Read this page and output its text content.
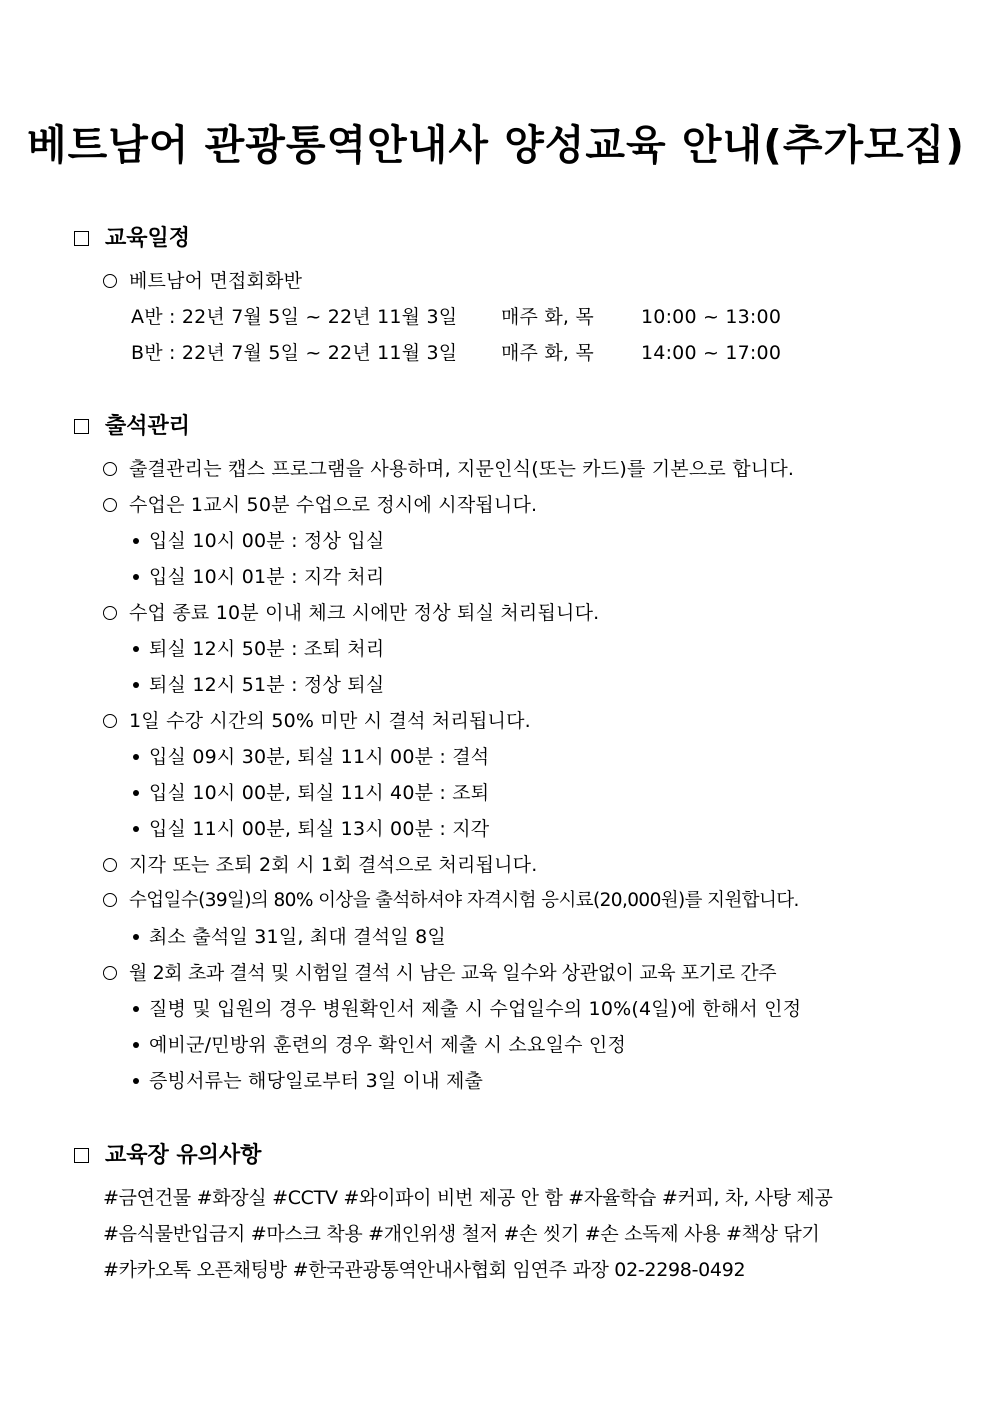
베트남어 관광통역안내사 양성교육 안내(추가모집)
교육일정
베트남어 면접회화반
A반 : 22년 7월 5일 ~ 22년 11월 3일 매주 화, 목 10:00 ~ 13:00
B반 : 22년 7월 5일 ~ 22년 11월 3일 매주 화, 목 14:00 ~ 17:00
출석관리
출결관리는 캡스 프로그램을 사용하며, 지문인식(또는 카드)를 기본으로 합니다.
수업은 1교시 50분 수업으로 정시에 시작됩니다.
입실 10시 00분 : 정상 입실
입실 10시 01분 : 지각 처리
수업 종료 10분 이내 체크 시에만 정상 퇴실 처리됩니다.
퇴실 12시 50분 : 조퇴 처리
퇴실 12시 51분 : 정상 퇴실
1일 수강 시간의 50% 미만 시 결석 처리됩니다.
입실 09시 30분, 퇴실 11시 00분 : 결석
입실 10시 00분, 퇴실 11시 40분 : 조퇴
입실 11시 00분, 퇴실 13시 00분 : 지각
지각 또는 조퇴 2회 시 1회 결석으로 처리됩니다.
수업일수(39일)의 80% 이상을 출석하셔야 자격시험 응시료(20,000원)를 지원합니다.
최소 출석일 31일, 최대 결석일 8일
월 2회 초과 결석 및 시험일 결석 시 남은 교육 일수와 상관없이 교육 포기로 간주
질병 및 입원의 경우 병원확인서 제출 시 수업일수의 10%(4일)에 한해서 인정
예비군/민방위 훈련의 경우 확인서 제출 시 소요일수 인정
증빙서류는 해당일로부터 3일 이내 제출
교육장 유의사항
#금연건물 #화장실 #CCTV #와이파이 비번 제공 안 함 #자율학습 #커피, 차, 사탕 제공
#음식물반입금지 #마스크 착용 #개인위생 철저 #손 씻기 #손 소독제 사용 #책상 닦기
#카카오톡 오픈채팅방 #한국관광통역안내사협회 임연주 과장 02-2298-0492
